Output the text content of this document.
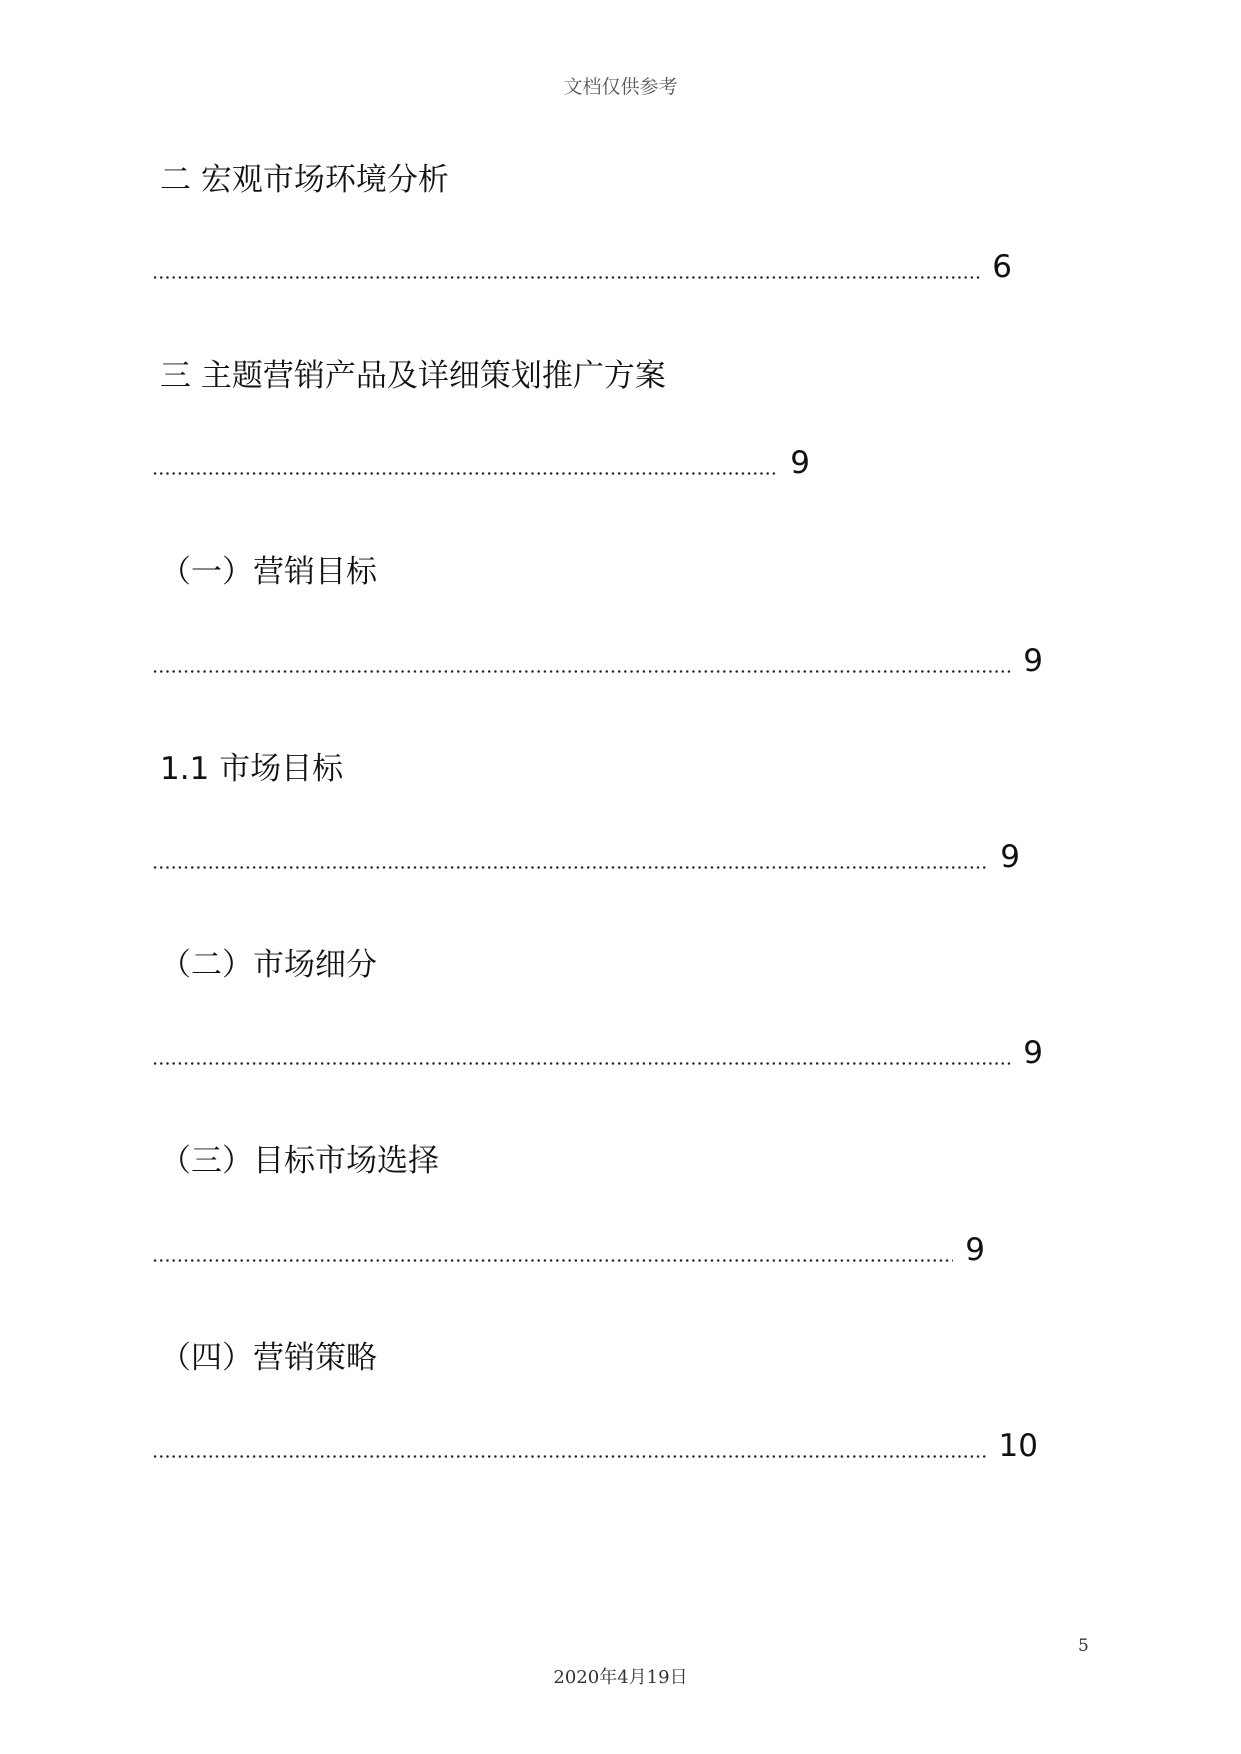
文档仅供参考
二 宏观市场环境分析
6
三 主题营销产品及详细策划推广方案
9
（一）营销目标
9
1.1 市场目标
9
（二）市场细分
9
（三）目标市场选择
9
（四）营销策略
10
5
2020年4月19日
